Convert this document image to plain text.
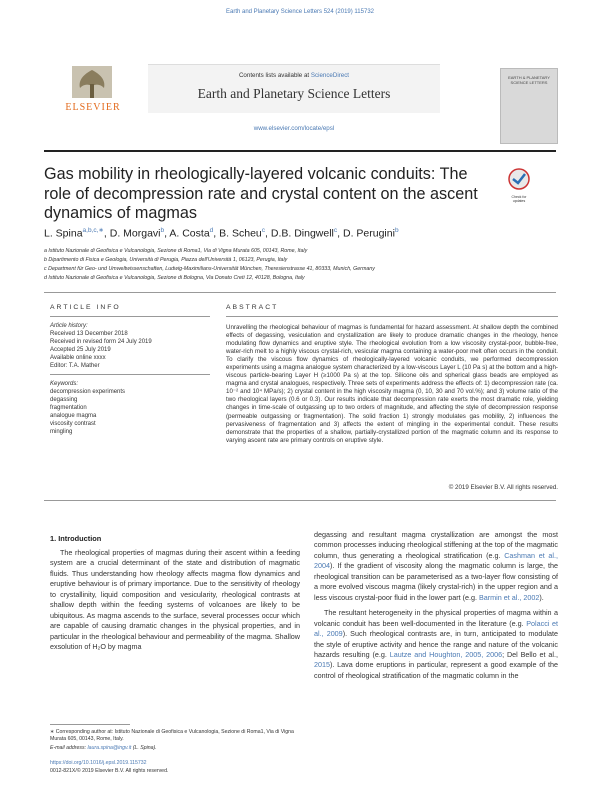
Earth and Planetary Science Letters 524 (2019) 115732
ELSEVIER
Contents lists available at ScienceDirect
Earth and Planetary Science Letters
www.elsevier.com/locate/epsl
EARTH & PLANETARY SCIENCE LETTERS
Gas mobility in rheologically-layered volcanic conduits: The role of decompression rate and crystal content on the ascent dynamics of magmas
Check for updates
L. Spina$^{a,b,c,∗}$, D. Morgavi$^b$, A. Costa$^d$, B. Scheu$^c$, D.B. Dingwell$^c$, D. Perugini$^b$
a Istituto Nazionale di Geofisica e Vulcanologia, Sezione di Roma1, Via di Vigna Murata 605, 00143, Rome, Italy
b Dipartimento di Fisica e Geologia, Università di Perugia, Piazza dell'Università 1, 06123, Perugia, Italy
c Department für Geo- und Umweltwissenschaften, Ludwig-Maximilians-Universität München, Theresienstrasse 41, 80333, Munich, Germany
d Istituto Nazionale di Geofisica e Vulcanologia, Sezione di Bologna, Via Donato Creti 12, 40128, Bologna, Italy
ARTICLE INFO
Article history:
Received 13 December 2018
Received in revised form 24 July 2019
Accepted 25 July 2019
Available online xxxx
Editor: T.A. Mather
Keywords:
decompression experiments
degassing
fragmentation
analogue magma
viscosity contrast
mingling
ABSTRACT
Unravelling the rheological behaviour of magmas is fundamental for hazard assessment. At shallow depth the combined effects of degassing, vesiculation and crystallization are likely to produce dramatic changes in the rheology, hence modulating flow dynamics and eruptive style. The rheological evolution from a low viscosity crystal-poor, bubble-free, water-rich melt to a highly viscous crystal-rich, vesicular magma containing a water-poor melt often occurs in the conduit. To clarify the viscous flow dynamics of rheologically-layered volcanic conduits, we performed decompression experiments using a magma analogue system characterized by a low-viscous Layer L (10 Pa s) at the bottom and a high-viscous particle-bearing Layer H (≥1000 Pa s) at the top. Silicone oils and spherical glass beads are employed as magma and crystal analogues, respectively. Three sets of experiments address the effects of: 1) decompression rate (ca. 10⁻² and 10⁴ MPa/s); 2) crystal content in the high viscosity magma (0, 10, 30 and 70 vol.%); and 3) volume ratio of the two rheological layers (0.6 or 0.3). Our results indicate that decompression rate exerts the most dramatic role, yielding changes in time-scale of outgassing up to two orders of magnitude, and affecting the style of decompression response (permeable outgassing or fragmentation). The solid fraction 1) strongly modulates gas mobility, 2) influences the pervasiveness of fragmentation and 3) affects the extent of mingling in the experimental conduit. These results demonstrate that the properties of a shallow, partially-crystallized portion of the magmatic column and its response to varying ascent rate are primary controls on eruptive style.
© 2019 Elsevier B.V. All rights reserved.
1. Introduction

The rheological properties of magmas during their ascent within a feeding system are a crucial determinant of the state and distribution of magmatic fluids. Thus understanding how rheology affects magma flow dynamics and eruptive behaviour is of primary importance. Due to the sensitivity of rheology to crystallinity, liquid composition and vesicularity, rheological contrasts at shallow depth within the feeding systems of volcanoes are likely to be ubiquitous. As magma ascends to the surface, several processes occur which are capable of causing dramatic changes in the physical properties, and in particular in the rheological behaviour and permeability of the magma. Shallow exsolution of H₂O by magma

degassing and resultant magma crystallization are amongst the most common processes inducing rheological stiffening at the top of the magmatic column, thus generating a rheological stratification (e.g. Cashman et al., 2004). If the gradient of viscosity along the magmatic column is large, the rheological transition can be parameterised as a two-layer flow consisting of a more evolved viscous magma (likely crystal-rich) in the upper region and a less viscous crystal-poor fluid in the lower part (e.g. Barmin et al., 2002).

The resultant heterogeneity in the physical properties of magma within a volcanic conduit has been well-documented in the literature (e.g. Polacci et al., 2009). Such rheological contrasts are, in turn, anticipated to modulate the style of eruptive activity and hence the range and nature of the volcanic hazards resulting (e.g. Lautze and Houghton, 2005, 2006; Del Bello et al., 2015). Lava dome eruptions in particular, represent a good example of the control of rheological stratification of the magmatic column in the

∗ Corresponding author at: Istituto Nazionale di Geofisica e Vulcanologia, Sezione di Roma1, Via di Vigna Murata 605, 00143, Rome, Italy.
E-mail address: laura.spina@ingv.it (L. Spina).
https://doi.org/10.1016/j.epsl.2019.115732
0012-821X/© 2019 Elsevier B.V. All rights reserved.
